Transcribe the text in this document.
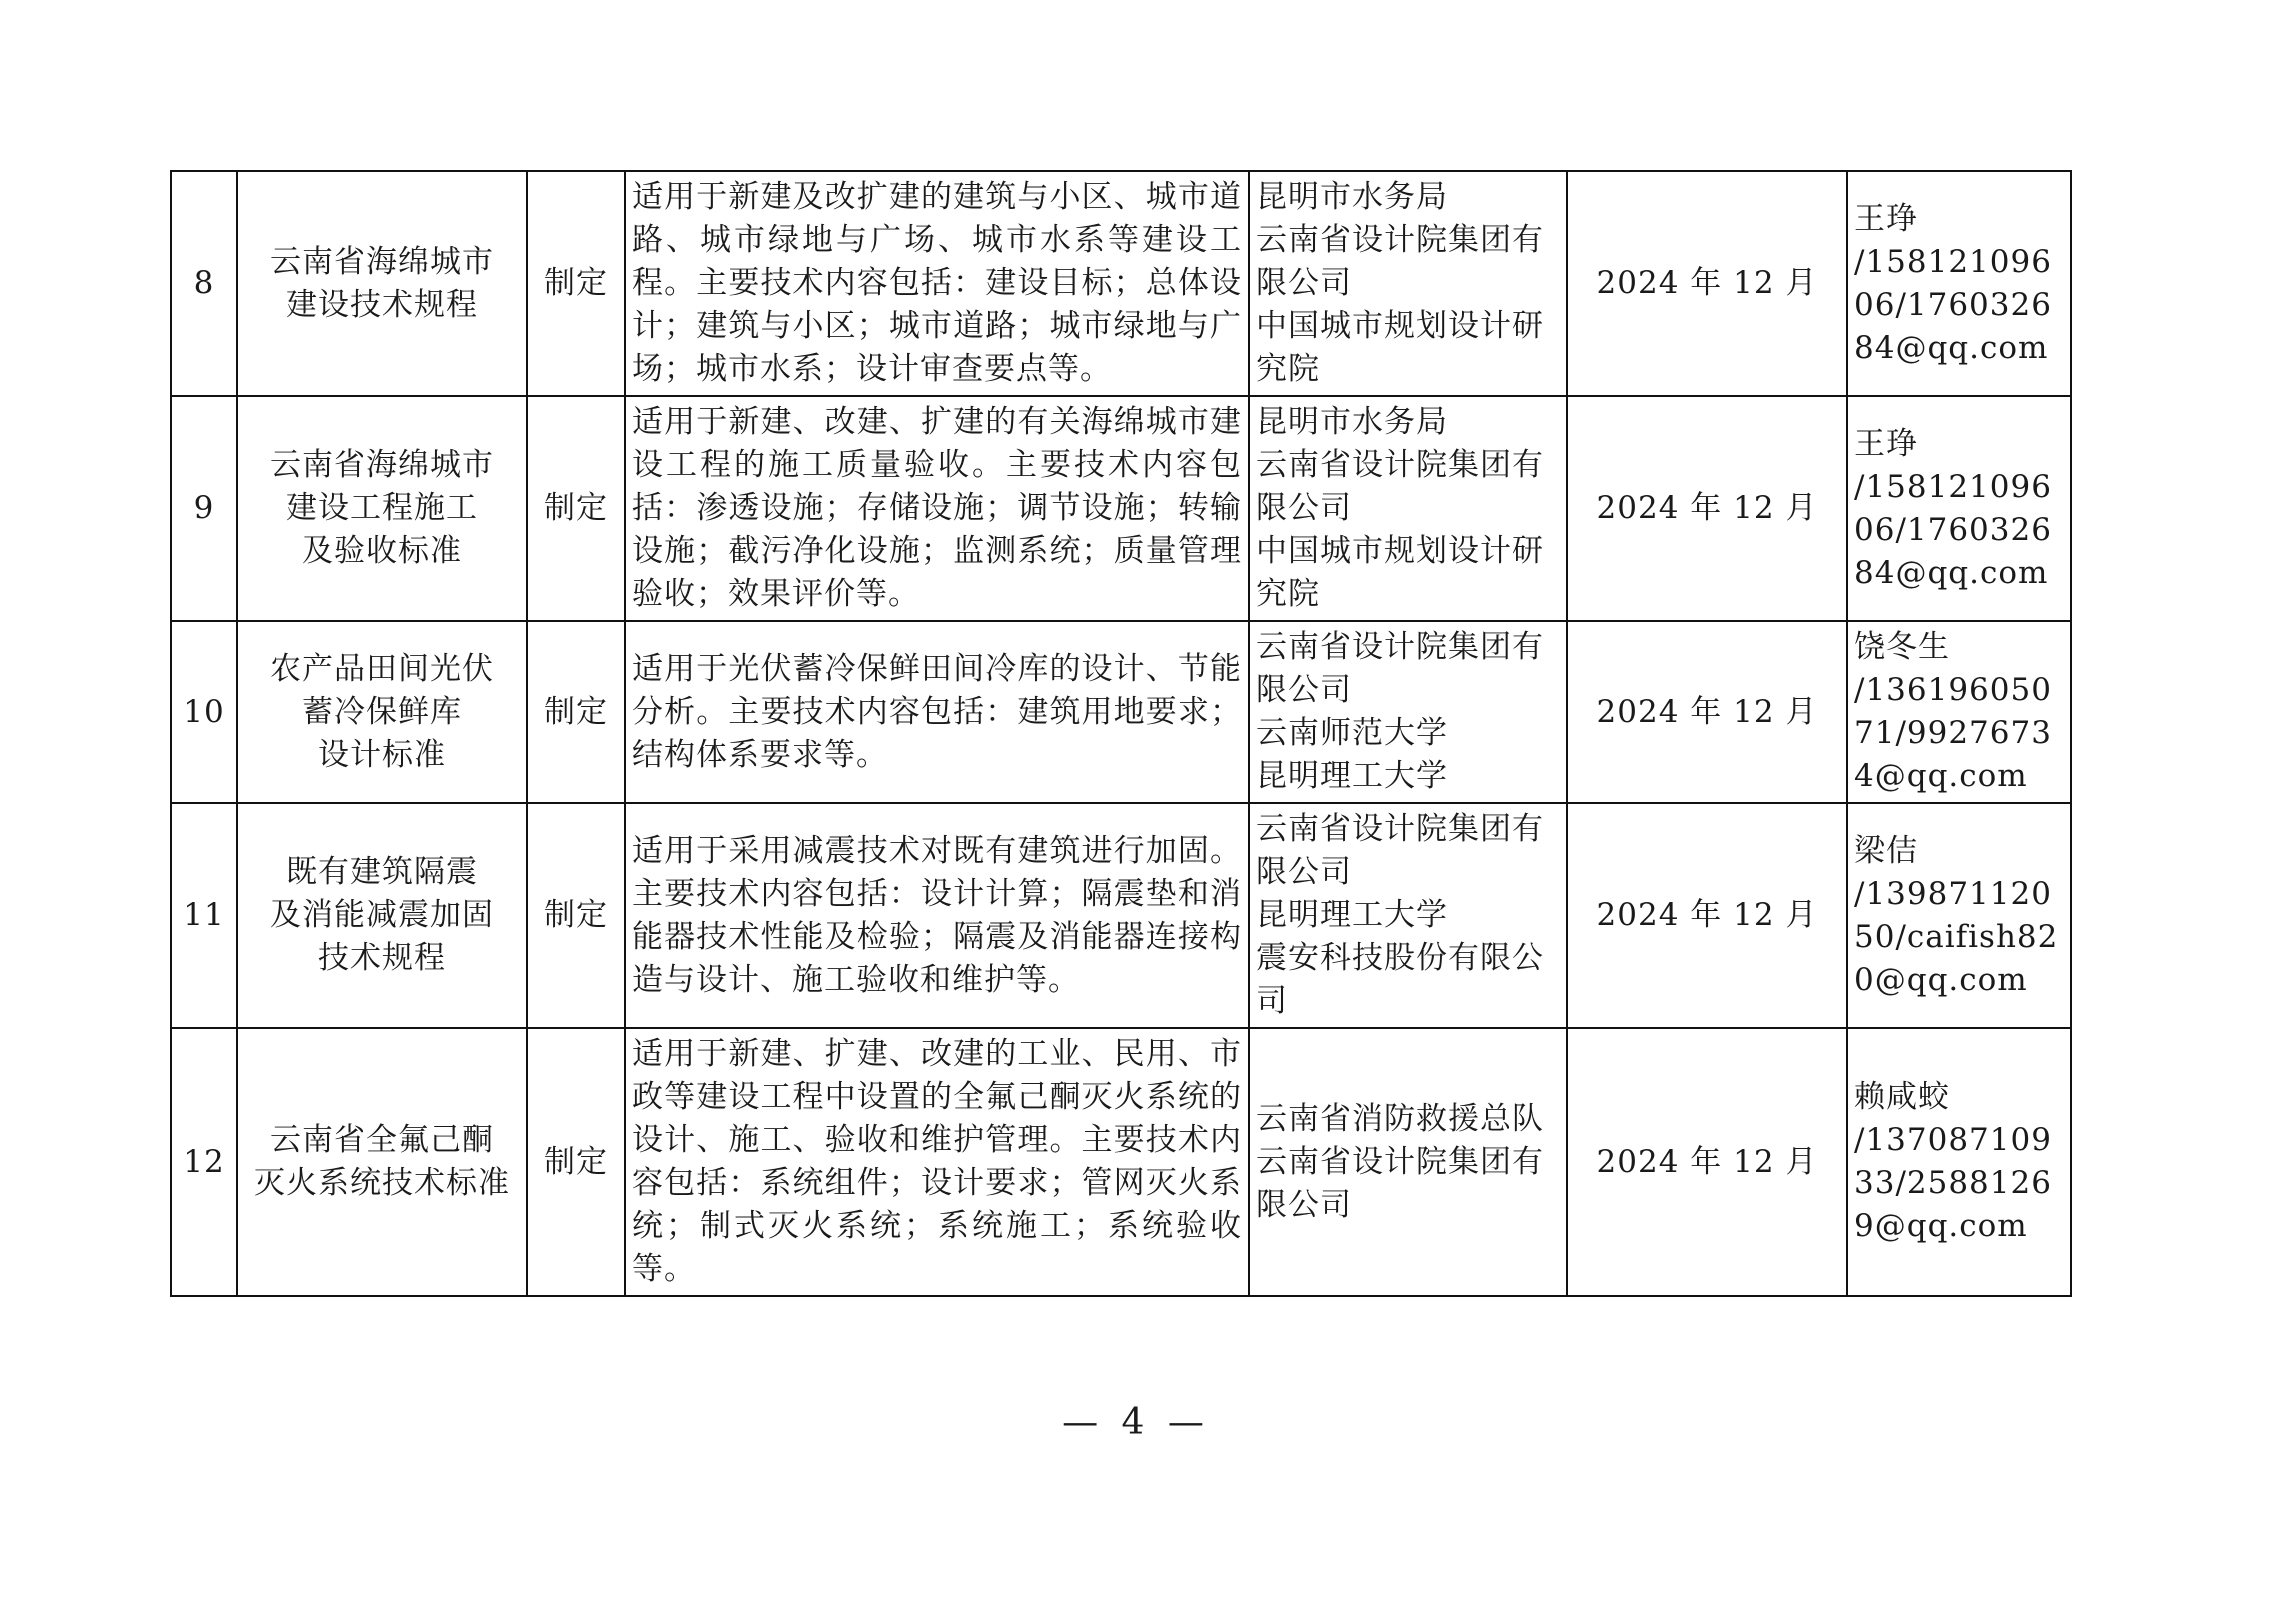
8	云南省海绵城市
建设技术规程	制定	适用于新建及改扩建的建筑与小区、城市道路、城市绿地与广场、城市水系等建设工程。主要技术内容包括：建设目标；总体设计；建筑与小区；城市道路；城市绿地与广场；城市水系；设计审查要点等。	昆明市水务局
云南省设计院集团有限公司
中国城市规划设计研究院	2024 年 12 月	王琤
/15812109606/176032684@qq.com

9	云南省海绵城市
建设工程施工
及验收标准	制定	适用于新建、改建、扩建的有关海绵城市建设工程的施工质量验收。主要技术内容包括：渗透设施；存储设施；调节设施；转输设施；截污净化设施；监测系统；质量管理验收；效果评价等。	昆明市水务局
云南省设计院集团有限公司
中国城市规划设计研究院	2024 年 12 月	王琤
/15812109606/176032684@qq.com

10	农产品田间光伏
蓄冷保鲜库
设计标准	制定	适用于光伏蓄冷保鲜田间冷库的设计、节能分析。主要技术内容包括：建筑用地要求；结构体系要求等。	云南省设计院集团有限公司
云南师范大学
昆明理工大学	2024 年 12 月	饶冬生
/13619605071/99276734@qq.com

11	既有建筑隔震
及消能减震加固
技术规程	制定	适用于采用减震技术对既有建筑进行加固。主要技术内容包括：设计计算；隔震垫和消能器技术性能及检验；隔震及消能器连接构造与设计、施工验收和维护等。	云南省设计院集团有限公司
昆明理工大学
震安科技股份有限公司	2024 年 12 月	梁佶
/13987112050/caifish820@qq.com

12	云南省全氟己酮
灭火系统技术标准	制定	适用于新建、扩建、改建的工业、民用、市政等建设工程中设置的全氟己酮灭火系统的设计、施工、验收和维护管理。主要技术内容包括：系统组件；设计要求；管网灭火系统；制式灭火系统；系统施工；系统验收等。	云南省消防救援总队
云南省设计院集团有限公司	2024 年 12 月	赖咸蛟
/13708710933/25881269@qq.com
— 4 —
